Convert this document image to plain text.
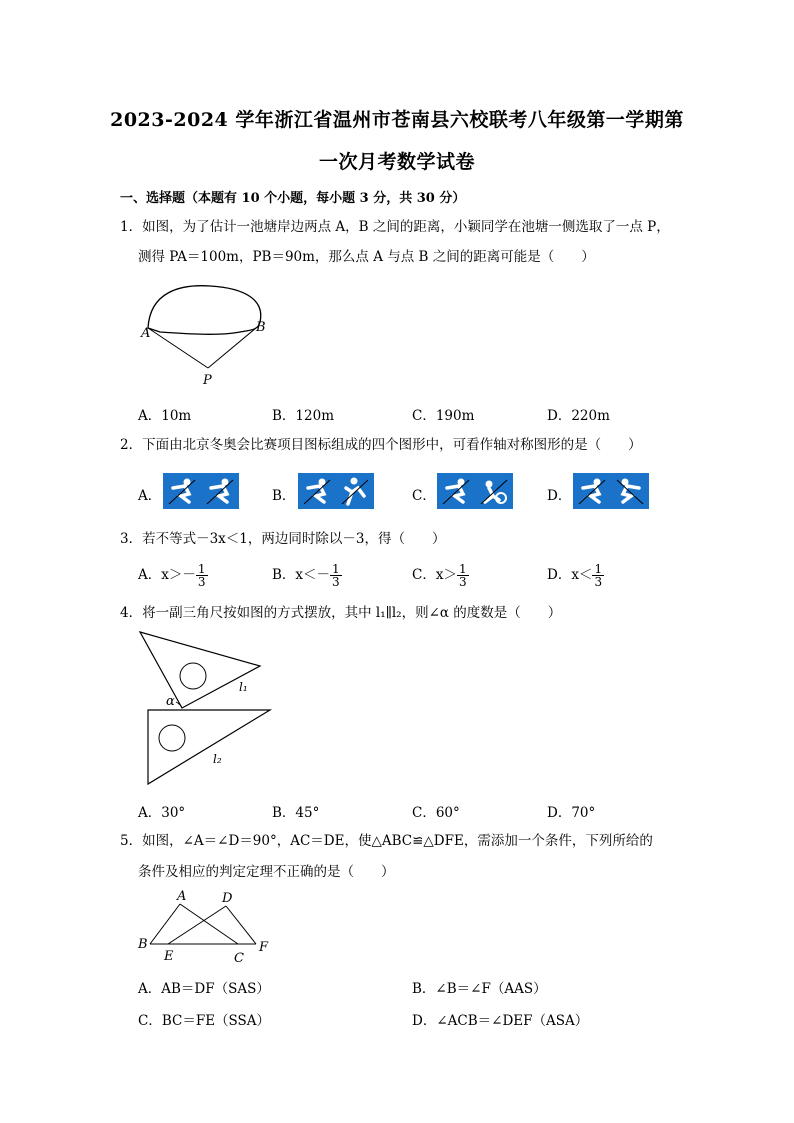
2023-2024 学年浙江省温州市苍南县六校联考八年级第一学期第
一次月考数学试卷
一、选择题（本题有 10 个小题，每小题 3 分，共 30 分）
1．如图，为了估计一池塘岸边两点 A，B 之间的距离，小颖同学在池塘一侧选取了一点 P，
测得 PA＝100m，PB＝90m，那么点 A 与点 B 之间的距离可能是（　　）
A	B
P
A．10m	B．120m	C．190m	D．220m
2．下面由北京冬奥会比赛项目图标组成的四个图形中，可看作轴对称图形的是（　　）
A．	B．	C．	D．
3．若不等式－3x＜1，两边同时除以－3，得（　　）
A．$x>- \frac{1}{3}$	B．$x<- \frac{1}{3}$	C．$x> \frac{1}{3}$	D．$x< \frac{1}{3}$
4．将一副三角尺按如图的方式摆放，其中 l₁∥l₂，则∠α 的度数是（　　）
α
l₁
l₂
A．30°	B．45°	C．60°	D．70°
5．如图，∠A＝∠D＝90°，AC＝DE，使△ABC≌△DFE，需添加一个条件，下列所给的
条件及相应的判定定理不正确的是（　　）
A	D
B
E	C
F
A．AB＝DF（SAS）	B．∠B＝∠F（AAS）
C．BC＝FE（SSA）	D．∠ACB＝∠DEF（ASA）
